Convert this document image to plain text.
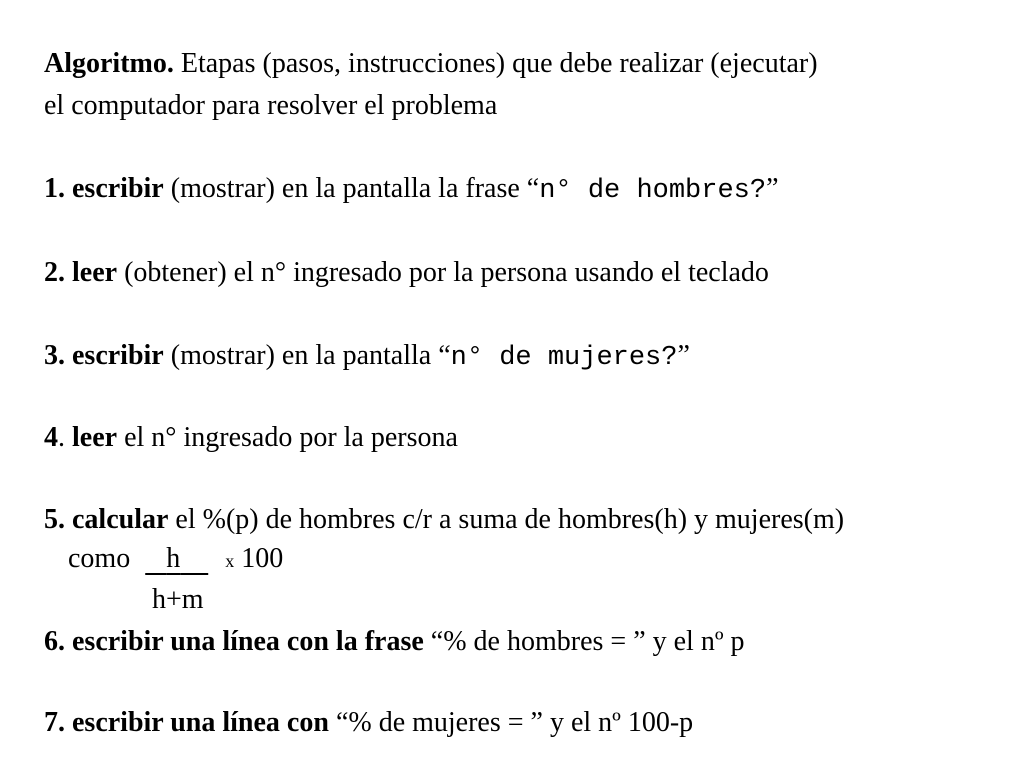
Algoritmo. Etapas (pasos, instrucciones) que debe realizar (ejecutar)
el computador para resolver el problema
1. escribir (mostrar) en la pantalla la frase “n° de hombres?”
2. leer (obtener) el n° ingresado por la persona usando el teclado
3. escribir (mostrar) en la pantalla “n° de mujeres?”
4. leer el n° ingresado por la persona
5. calcular el %(p) de hombres c/r a suma de hombres(h) y mujeres(m)
como h	x 100
h+m
6. escribir una línea con la frase “% de hombres = ” y el nº p
7. escribir una línea con “% de mujeres = ” y el nº 100-p
